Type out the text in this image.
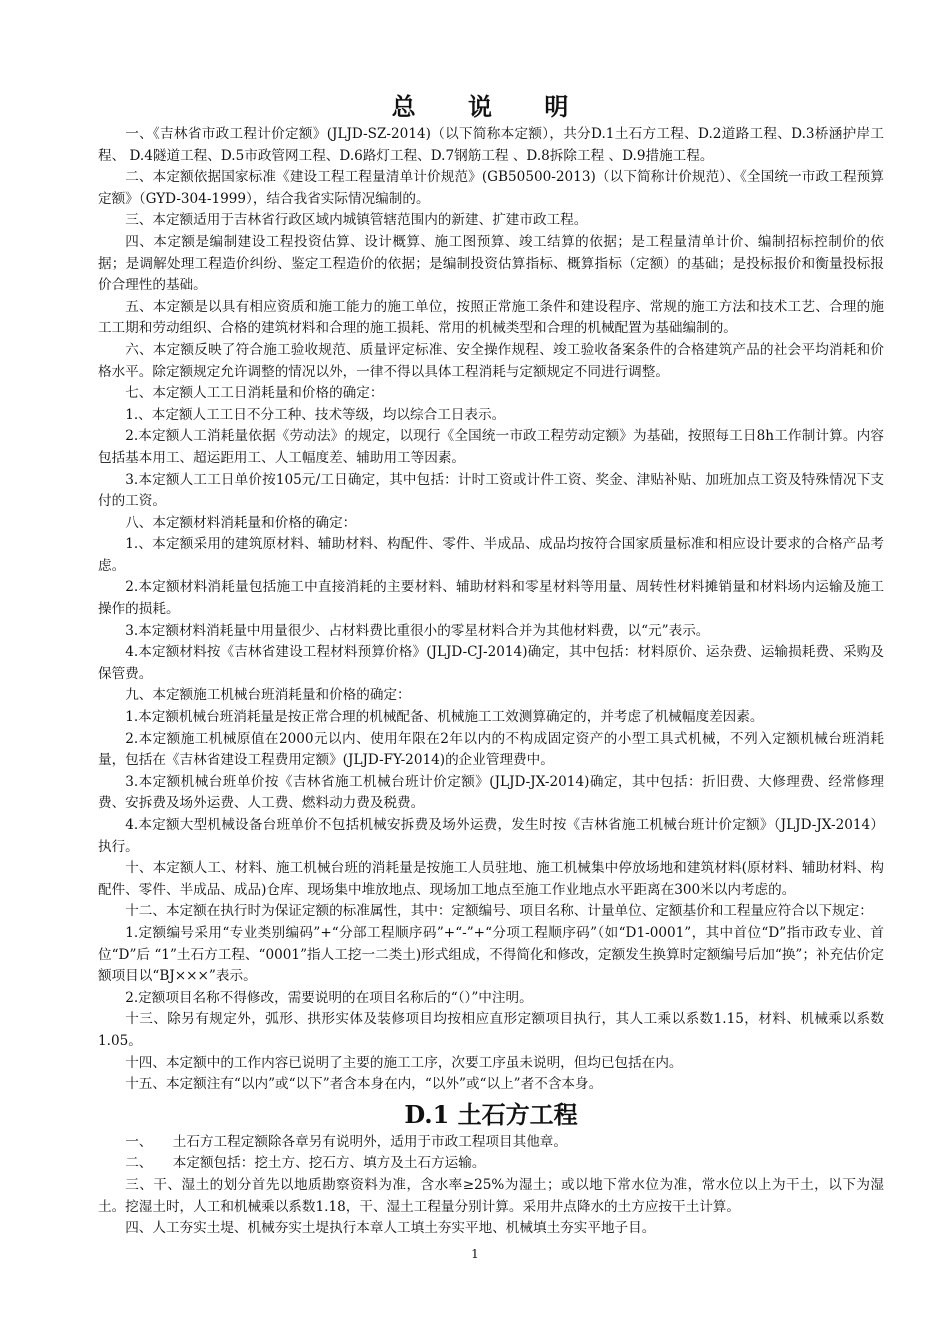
总 说 明

一、《吉林省市政工程计价定额》(JLJD-SZ-2014)（以下简称本定额），共分D.1土石方工程、D.2道路工程、D.3桥涵护岸工程、 D.4隧道工程、D.5市政管网工程、D.6路灯工程、D.7钢筋工程 、D.8拆除工程 、D.9措施工程。

二、本定额依据国家标准《建设工程工程量清单计价规范》(GB50500-2013)（以下简称计价规范）、《全国统一市政工程预算定额》（GYD-304-1999），结合我省实际情况编制的。

三、本定额适用于吉林省行政区域内城镇管辖范围内的新建、扩建市政工程。

四、本定额是编制建设工程投资估算、设计概算、施工图预算、竣工结算的依据；是工程量清单计价、编制招标控制价的依据；是调解处理工程造价纠纷、鉴定工程造价的依据；是编制投资估算指标、概算指标（定额）的基础；是投标报价和衡量投标报价合理性的基础。

五、本定额是以具有相应资质和施工能力的施工单位，按照正常施工条件和建设程序、常规的施工方法和技术工艺、合理的施工工期和劳动组织、合格的建筑材料和合理的施工损耗、常用的机械类型和合理的机械配置为基础编制的。

六、本定额反映了符合施工验收规范、质量评定标准、安全操作规程、竣工验收备案条件的合格建筑产品的社会平均消耗和价格水平。除定额规定允许调整的情况以外，一律不得以具体工程消耗与定额规定不同进行调整。

七、本定额人工工日消耗量和价格的确定：

1.、本定额人工工日不分工种、技术等级，均以综合工日表示。

2.本定额人工消耗量依据《劳动法》的规定，以现行《全国统一市政工程劳动定额》为基础，按照每工日8h工作制计算。内容包括基本用工、超运距用工、人工幅度差、辅助用工等因素。

3.本定额人工工日单价按105元/工日确定，其中包括：计时工资或计件工资、奖金、津贴补贴、加班加点工资及特殊情况下支付的工资。

八、本定额材料消耗量和价格的确定：

1.、本定额采用的建筑原材料、辅助材料、构配件、零件、半成品、成品均按符合国家质量标准和相应设计要求的合格产品考虑。

2.本定额材料消耗量包括施工中直接消耗的主要材料、辅助材料和零星材料等用量、周转性材料摊销量和材料场内运输及施工操作的损耗。

3.本定额材料消耗量中用量很少、占材料费比重很小的零星材料合并为其他材料费，以“元”表示。

4.本定额材料按《吉林省建设工程材料预算价格》(JLJD-CJ-2014)确定，其中包括：材料原价、运杂费、运输损耗费、采购及保管费。

九、本定额施工机械台班消耗量和价格的确定：

1.本定额机械台班消耗量是按正常合理的机械配备、机械施工工效测算确定的，并考虑了机械幅度差因素。

2.本定额施工机械原值在2000元以内、使用年限在2年以内的不构成固定资产的小型工具式机械，不列入定额机械台班消耗量，包括在《吉林省建设工程费用定额》(JLJD-FY-2014)的企业管理费中。

3.本定额机械台班单价按《吉林省施工机械台班计价定额》(JLJD-JX-2014)确定，其中包括：折旧费、大修理费、经常修理费、安拆费及场外运费、人工费、燃料动力费及税费。

4.本定额大型机械设备台班单价不包括机械安拆费及场外运费，发生时按《吉林省施工机械台班计价定额》（JLJD-JX-2014）执行。

十、本定额人工、材料、施工机械台班的消耗量是按施工人员驻地、施工机械集中停放场地和建筑材料(原材料、辅助材料、构配件、零件、半成品、成品)仓库、现场集中堆放地点、现场加工地点至施工作业地点水平距离在300米以内考虑的。

十二、本定额在执行时为保证定额的标准属性，其中：定额编号、项目名称、计量单位、定额基价和工程量应符合以下规定：

1.定额编号采用“专业类别编码”+“分部工程顺序码”+“-”+“分项工程顺序码”（如“D1-0001”，其中首位“D”指市政专业、首位“D”后 “1”土石方工程、“0001”指人工挖一二类土)形式组成，不得简化和修改，定额发生换算时定额编号后加“换”；补充估价定额项目以“BJ×××”表示。

2.定额项目名称不得修改，需要说明的在项目名称后的“（）”中注明。

十三、除另有规定外，弧形、拱形实体及装修项目均按相应直形定额项目执行，其人工乘以系数1.15，材料、机械乘以系数1.05。

十四、本定额中的工作内容已说明了主要的施工工序，次要工序虽未说明，但均已包括在内。

十五、本定额注有“以内”或“以下”者含本身在内，“以外”或“以上”者不含本身。

D.1 土石方工程

一、　　土石方工程定额除各章另有说明外，适用于市政工程项目其他章。

二、　　本定额包括：挖土方、挖石方、填方及土石方运输。

三、干、湿土的划分首先以地质勘察资料为准，含水率≥25%为湿土；或以地下常水位为准，常水位以上为干土，以下为湿土。挖湿土时，人工和机械乘以系数1.18，干、湿土工程量分别计算。采用井点降水的土方应按干土计算。

四、人工夯实土堤、机械夯实土堤执行本章人工填土夯实平地、机械填土夯实平地子目。

1
